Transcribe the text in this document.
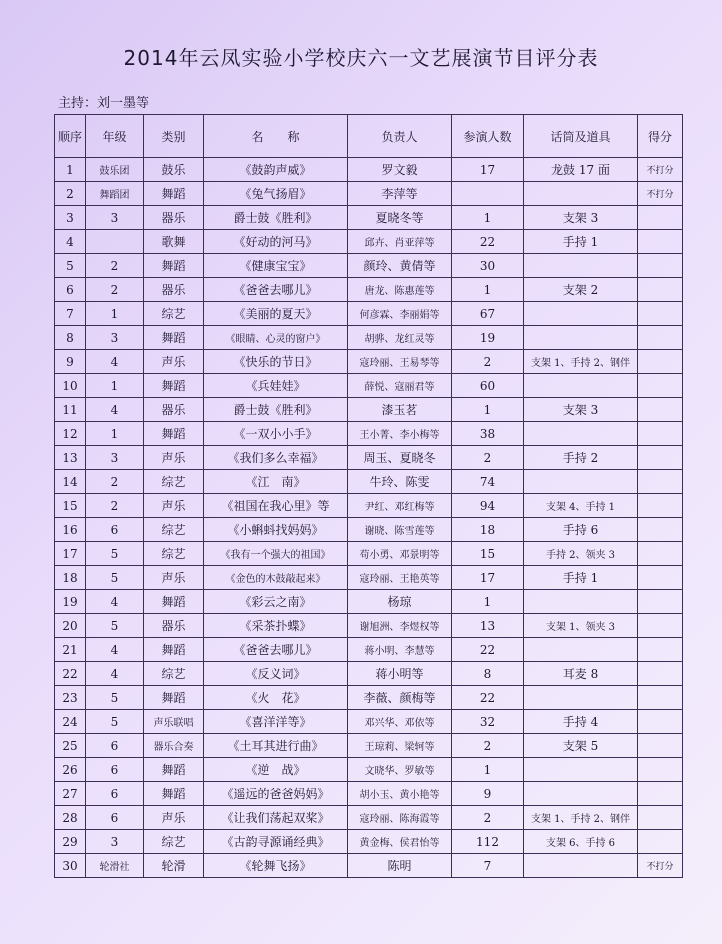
2014年云凤实验小学校庆六一文艺展演节目评分表
主持：刘一墨等
顺序	年级	类别	名　　称	负责人	参演人数	话筒及道具	得分
1	鼓乐团	鼓乐	《鼓韵声威》	罗文毅	17	龙鼓 17 面	不打分
2	舞蹈团	舞蹈	《兔气扬眉》	李萍等			不打分
3	3	器乐	爵士鼓《胜利》	夏晓冬等	1	支架 3	
4		歌舞	《好动的河马》	邱卉、肖亚萍等	22	手持 1	
5	2	舞蹈	《健康宝宝》	颜玲、黄倩等	30		
6	2	器乐	《爸爸去哪儿》	唐龙、陈惠莲等	1	支架 2	
7	1	综艺	《美丽的夏天》	何彦霖、李丽娟等	67		
8	3	舞蹈	《眼睛、心灵的窗户》	胡骅、龙红灵等	19		
9	4	声乐	《快乐的节日》	寇玲丽、王易琴等	2	支架 1、手持 2、钢伴	
10	1	舞蹈	《兵娃娃》	薛悦、寇丽君等	60		
11	4	器乐	爵士鼓《胜利》	漆玉茗	1	支架 3	
12	1	舞蹈	《一双小小手》	王小菁、李小梅等	38		
13	3	声乐	《我们多么幸福》	周玉、夏晓冬	2	手持 2	
14	2	综艺	《江　南》	牛玲、陈雯	74		
15	2	声乐	《祖国在我心里》等	尹红、邓红梅等	94	支架 4、手持 1	
16	6	综艺	《小蝌蚪找妈妈》	谢晓、陈雪莲等	18	手持 6	
17	5	综艺	《我有一个强大的祖国》	苟小勇、邓景明等	15	手持 2、领夹 3	
18	5	声乐	《金色的木鼓敲起来》	寇玲丽、王艳英等	17	手持 1	
19	4	舞蹈	《彩云之南》	杨琼	1		
20	5	器乐	《采茶扑蝶》	谢旭洲、李煜权等	13	支架 1、领夹 3	
21	4	舞蹈	《爸爸去哪儿》	蒋小明、李慧等	22		
22	4	综艺	《反义词》	蒋小明等	8	耳麦 8	
23	5	舞蹈	《火　花》	李薇、颜梅等	22		
24	5	声乐联唱	《喜洋洋等》	邓兴华、邓依等	32	手持 4	
25	6	器乐合奏	《土耳其进行曲》	王琼莉、梁轲等	2	支架 5	
26	6	舞蹈	《逆　战》	文晓华、罗敏等	1		
27	6	舞蹈	《遥远的爸爸妈妈》	胡小玉、黄小艳等	9		
28	6	声乐	《让我们荡起双桨》	寇玲丽、陈海霞等	2	支架 1、手持 2、钢伴	
29	3	综艺	《古韵寻源诵经典》	黄金梅、侯君怡等	112	支架 6、手持 6	
30	轮滑社	轮滑	《轮舞飞扬》	陈明	7		不打分
